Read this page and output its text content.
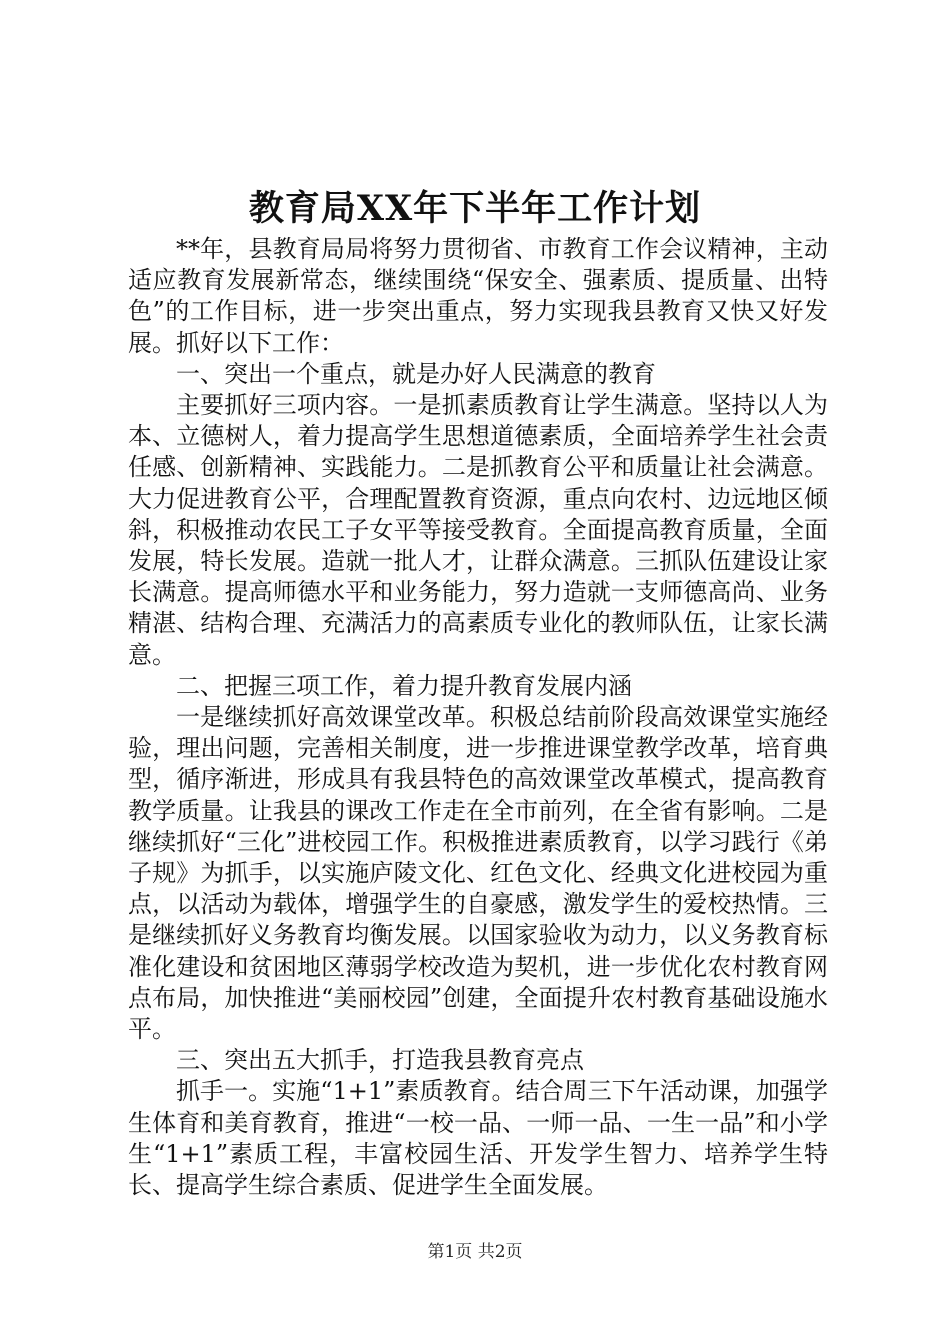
教育局XX年下半年工作计划

**年，县教育局局将努力贯彻省、市教育工作会议精神，主动适应教育发展新常态，继续围绕“保安全、强素质、提质量、出特色”的工作目标，进一步突出重点，努力实现我县教育又快又好发展。抓好以下工作：

一、突出一个重点，就是办好人民满意的教育

主要抓好三项内容。一是抓素质教育让学生满意。坚持以人为本、立德树人，着力提高学生思想道德素质，全面培养学生社会责任感、创新精神、实践能力。二是抓教育公平和质量让社会满意。大力促进教育公平，合理配置教育资源，重点向农村、边远地区倾斜，积极推动农民工子女平等接受教育。全面提高教育质量，全面发展，特长发展。造就一批人才，让群众满意。三抓队伍建设让家长满意。提高师德水平和业务能力，努力造就一支师德高尚、业务精湛、结构合理、充满活力的高素质专业化的教师队伍，让家长满意。

二、把握三项工作，着力提升教育发展内涵

一是继续抓好高效课堂改革。积极总结前阶段高效课堂实施经验，理出问题，完善相关制度，进一步推进课堂教学改革，培育典型，循序渐进，形成具有我县特色的高效课堂改革模式，提高教育教学质量。让我县的课改工作走在全市前列，在全省有影响。二是继续抓好“三化”进校园工作。积极推进素质教育，以学习践行《弟子规》为抓手，以实施庐陵文化、红色文化、经典文化进校园为重点，以活动为载体，增强学生的自豪感，激发学生的爱校热情。三是继续抓好义务教育均衡发展。以国家验收为动力，以义务教育标准化建设和贫困地区薄弱学校改造为契机，进一步优化农村教育网点布局，加快推进“美丽校园”创建，全面提升农村教育基础设施水平。

三、突出五大抓手，打造我县教育亮点

抓手一。实施“1+1”素质教育。结合周三下午活动课，加强学生体育和美育教育，推进“一校一品、一师一品、一生一品”和小学生“1+1”素质工程，丰富校园生活、开发学生智力、培养学生特长、提高学生综合素质、促进学生全面发展。

第1页 共2页
